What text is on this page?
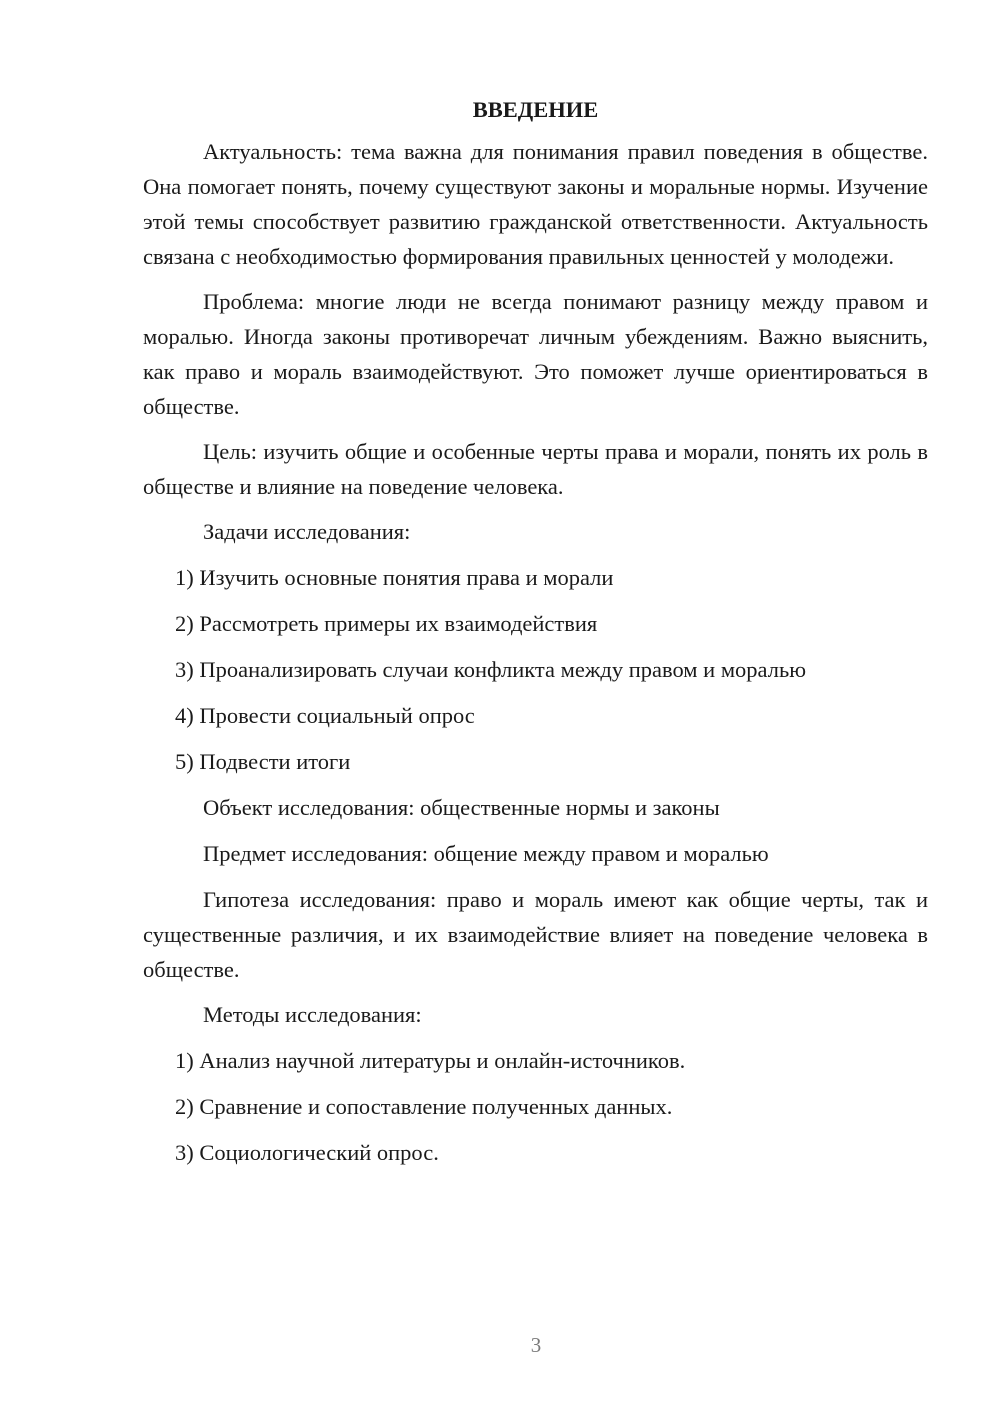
ВВЕДЕНИЕ

Актуальность: тема важна для понимания правил поведения в обществе. Она помогает понять, почему существуют законы и моральные нормы. Изучение этой темы способствует развитию гражданской ответственности. Актуальность связана с необходимостью формирования правильных ценностей у молодежи.

Проблема: многие люди не всегда понимают разницу между правом и моралью. Иногда законы противоречат личным убеждениям. Важно выяснить, как право и мораль взаимодействуют. Это поможет лучше ориентироваться в обществе.

Цель: изучить общие и особенные черты права и морали, понять их роль в обществе и влияние на поведение человека.

Задачи исследования:
1) Изучить основные понятия права и морали
2) Рассмотреть примеры их взаимодействия
3) Проанализировать случаи конфликта между правом и моралью
4) Провести социальный опрос
5) Подвести итоги
Объект исследования: общественные нормы и законы
Предмет исследования: общение между правом и моралью

Гипотеза исследования: право и мораль имеют как общие черты, так и существенные различия, и их взаимодействие влияет на поведение человека в обществе.

Методы исследования:
1) Анализ научной литературы и онлайн-источников.
2) Сравнение и сопоставление полученных данных.
3) Социологический опрос.
3
